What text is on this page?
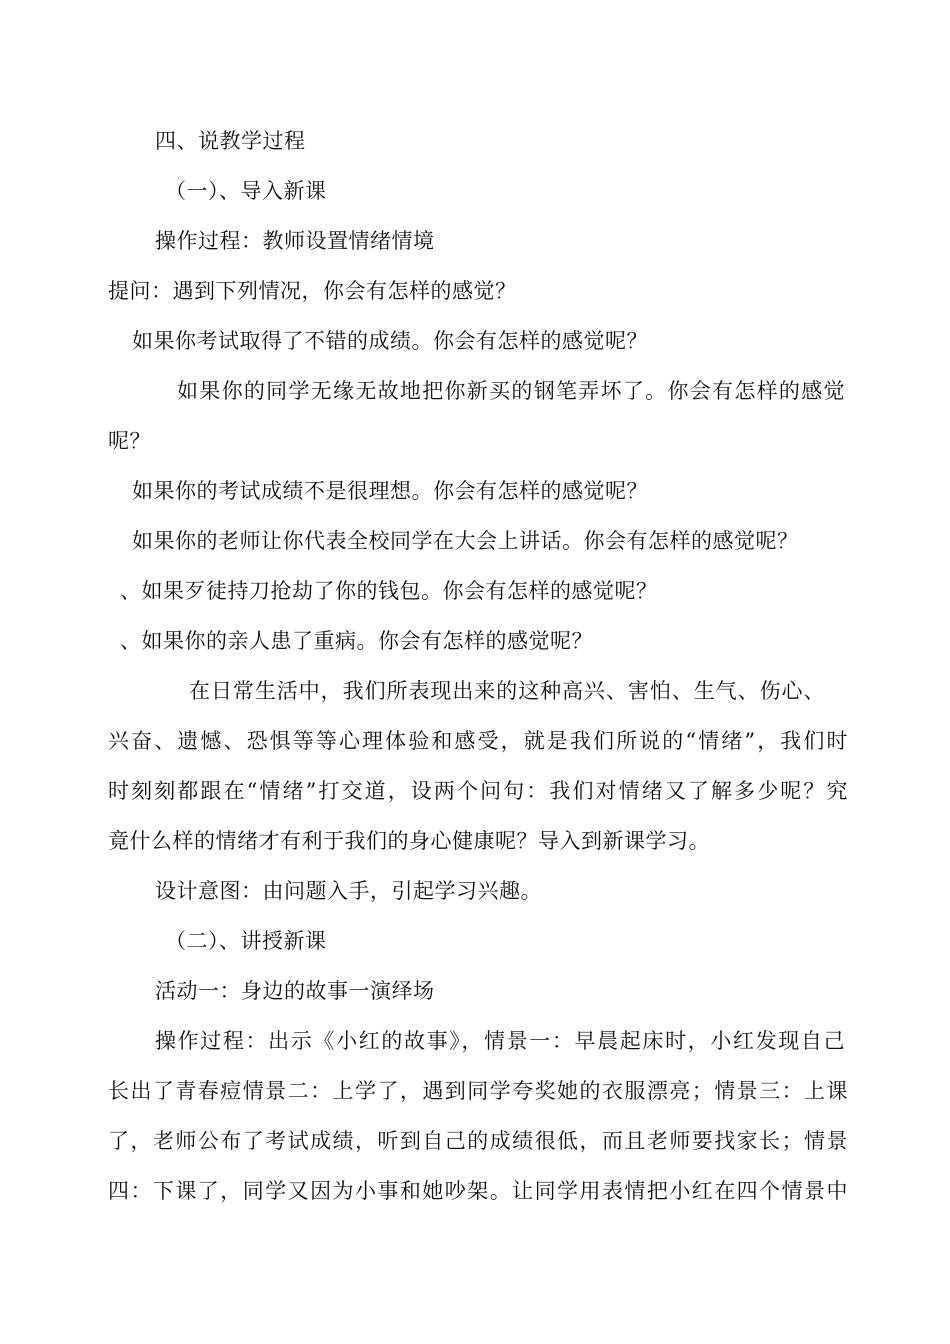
四、说教学过程
（一）、导入新课
操作过程：教师设置情绪情境
提问：遇到下列情况，你会有怎样的感觉？
如果你考试取得了不错的成绩。你会有怎样的感觉呢？
如果你的同学无缘无故地把你新买的钢笔弄坏了。你会有怎样的感觉
呢？
如果你的考试成绩不是很理想。你会有怎样的感觉呢？
如果你的老师让你代表全校同学在大会上讲话。你会有怎样的感觉呢？
、如果歹徒持刀抢劫了你的钱包。你会有怎样的感觉呢？
、如果你的亲人患了重病。你会有怎样的感觉呢？
在日常生活中，我们所表现出来的这种高兴、害怕、生气、伤心、
兴奋、遗憾、恐惧等等心理体验和感受，就是我们所说的“情绪”，我们时
时刻刻都跟在“情绪”打交道，设两个问句：我们对情绪又了解多少呢？究
竟什么样的情绪才有利于我们的身心健康呢？导入到新课学习。
设计意图：由问题入手，引起学习兴趣。
（二）、讲授新课
活动一：身边的故事一演绎场
操作过程：出示《小红的故事》，情景一：早晨起床时，小红发现自己
长出了青春痘情景二：上学了，遇到同学夸奖她的衣服漂亮；情景三：上课
了，老师公布了考试成绩，听到自己的成绩很低，而且老师要找家长；情景
四：下课了，同学又因为小事和她吵架。让同学用表情把小红在四个情景中
